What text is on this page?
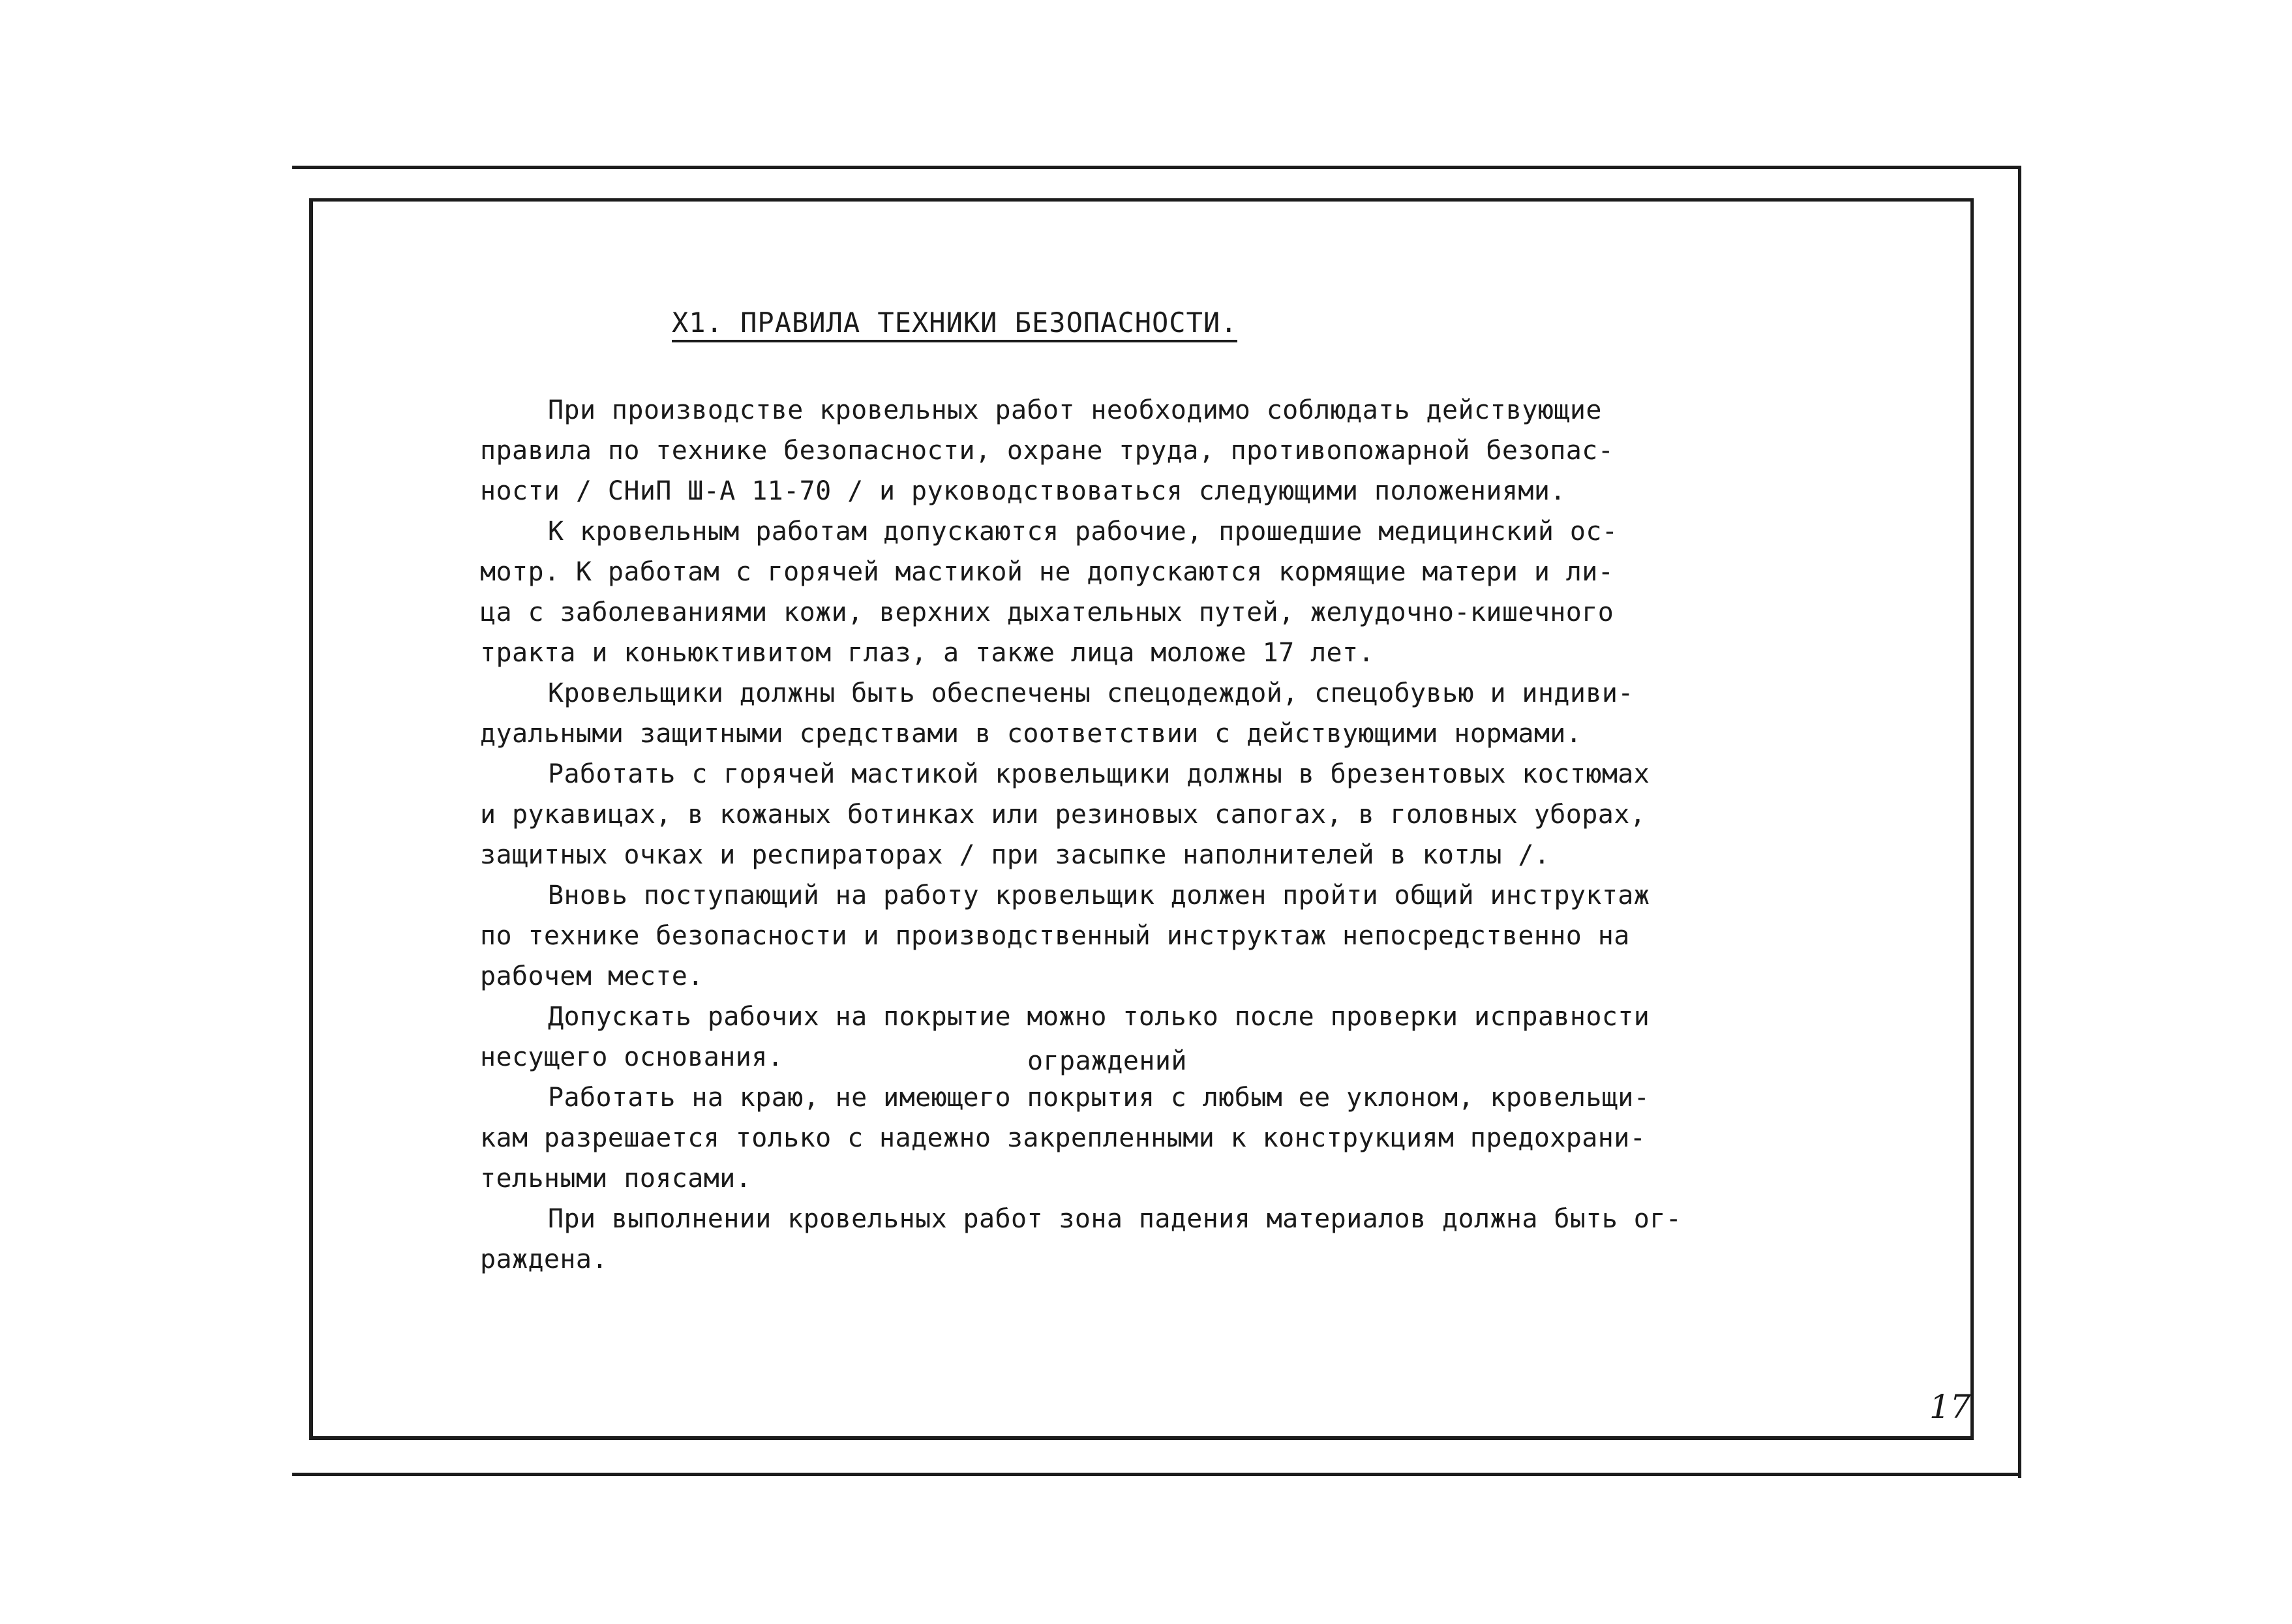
X1. ПРАВИЛА ТЕХНИКИ БЕЗОПАСНОСТИ.
При производстве кровельных работ необходимо соблюдать действующие
правила по технике безопасности, охране труда, противопожарной безопас-
ности / СНиП Ш-А 11-70 / и руководствоваться следующими положениями.
К кровельным работам допускаются рабочие, прошедшие медицинский ос-
мотр. К работам с горячей мастикой не допускаются кормящие матери и ли-
ца с заболеваниями кожи, верхних дыхательных путей, желудочно-кишечного
тракта и коньюктивитом глаз, а также лица моложе 17 лет.
Кровельщики должны быть обеспечены спецодеждой, спецобувью и индиви-
дуальными защитными средствами в соответствии с действующими нормами.
Работать с горячей мастикой кровельщики должны в брезентовых костюмах
и рукавицах, в кожаных ботинках или резиновых сапогах, в головных уборах,
защитных очках и респираторах / при засыпке наполнителей в котлы /.
Вновь поступающий на работу кровельщик должен пройти общий инструктаж
по технике безопасности и производственный инструктаж непосредственно на
рабочем месте.
Допускать рабочих на покрытие можно только после проверки исправности
несущего основания.
Работать на краю, не имеющего покрытия с любым ее уклоном, кровельщи-
кам разрешается только с надежно закрепленными к конструкциям предохрани-
тельными поясами.
При выполнении кровельных работ зона падения материалов должна быть ог-
раждена.
ограждений
17
